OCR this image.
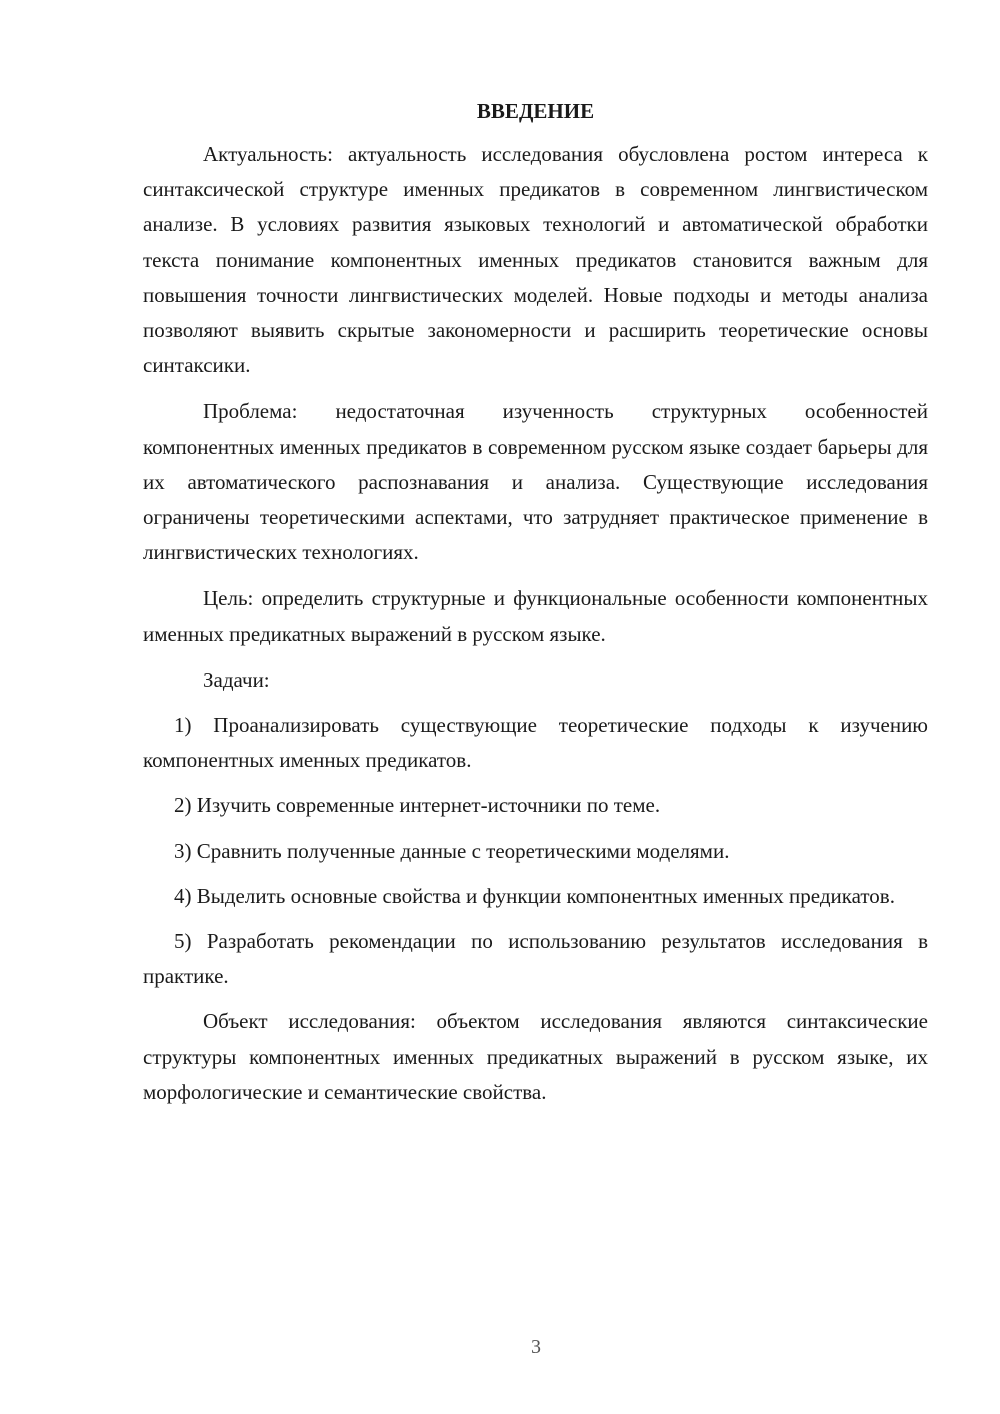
ВВЕДЕНИЕ

Актуальность: актуальность исследования обусловлена ростом интереса к синтаксической структуре именных предикатов в современном лингвистическом анализе. В условиях развития языковых технологий и автоматической обработки текста понимание компонентных именных предикатов становится важным для повышения точности лингвистических моделей. Новые подходы и методы анализа позволяют выявить скрытые закономерности и расширить теоретические основы синтаксики.

Проблема: недостаточная изученность структурных особенностей компонентных именных предикатов в современном русском языке создает барьеры для их автоматического распознавания и анализа. Существующие исследования ограничены теоретическими аспектами, что затрудняет практическое применение в лингвистических технологиях.

Цель: определить структурные и функциональные особенности компонентных именных предикатных выражений в русском языке.

Задачи:

1) Проанализировать существующие теоретические подходы к изучению компонентных именных предикатов.

2) Изучить современные интернет-источники по теме.

3) Сравнить полученные данные с теоретическими моделями.

4) Выделить основные свойства и функции компонентных именных предикатов.

5) Разработать рекомендации по использованию результатов исследования в практике.

Объект исследования: объектом исследования являются синтаксические структуры компонентных именных предикатных выражений в русском языке, их морфологические и семантические свойства.

3
